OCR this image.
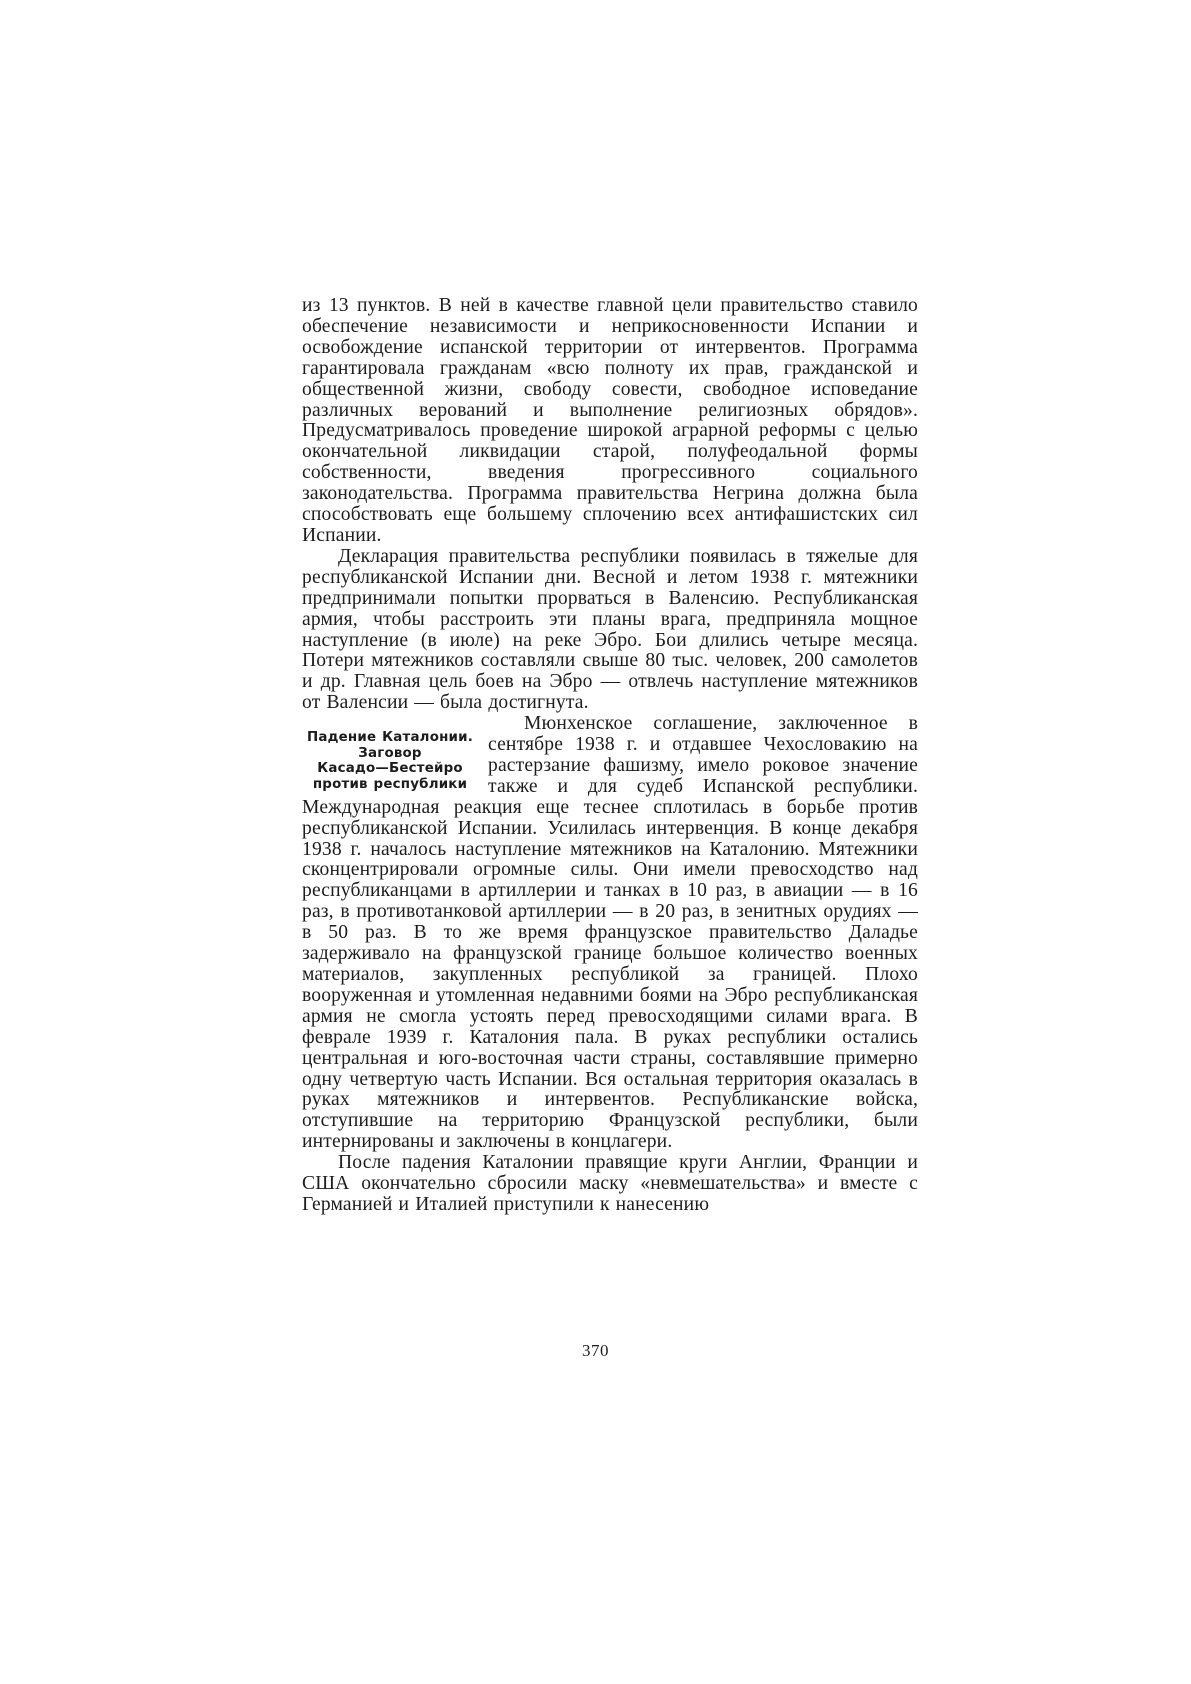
из 13 пунктов. В ней в качестве главной цели правительство ставило обеспечение независимости и неприкосновенности Испании и освобождение испанской территории от интервентов. Программа гарантировала гражданам «всю полноту их прав, гражданской и общественной жизни, свободу совести, свободное исповедание различных верований и выполнение религиозных обрядов». Предусматривалось проведение широкой аграрной реформы с целью окончательной ликвидации старой, полуфеодальной формы собственности, введения прогрессивного социального законодательства. Программа правительства Негрина должна была способствовать еще большему сплочению всех антифашистских сил Испании.

Декларация правительства республики появилась в тяжелые для республиканской Испании дни. Весной и летом 1938 г. мятежники предпринимали попытки прорваться в Валенсию. Республиканская армия, чтобы расстроить эти планы врага, предприняла мощное наступление (в июле) на реке Эбро. Бои длились четыре месяца. Потери мятежников составляли свыше 80 тыс. человек, 200 самолетов и др. Главная цель боев на Эбро — отвлечь наступление мятежников от Валенсии — была достигнута.

Падение Каталонии.
Заговор
Касадо—Бестейро
против республики

Мюнхенское соглашение, заключенное в сентябре 1938 г. и отдавшее Чехословакию на растерзание фашизму, имело роковое значение также и для судеб Испанской республики. Международная реакция еще теснее сплотилась в борьбе против республиканской Испании. Усилилась интервенция. В конце декабря 1938 г. началось наступление мятежников на Каталонию. Мятежники сконцентрировали огромные силы. Они имели превосходство над республиканцами в артиллерии и танках в 10 раз, в авиации — в 16 раз, в противотанковой артиллерии — в 20 раз, в зенитных орудиях — в 50 раз. В то же время французское правительство Даладье задерживало на французской границе большое количество военных материалов, закупленных республикой за границей. Плохо вооруженная и утомленная недавними боями на Эбро республиканская армия не смогла устоять перед превосходящими силами врага. В феврале 1939 г. Каталония пала. В руках республики остались центральная и юго-восточная части страны, составлявшие примерно одну четвертую часть Испании. Вся остальная территория оказалась в руках мятежников и интервентов. Республиканские войска, отступившие на территорию Французской республики, были интернированы и заключены в концлагери.

После падения Каталонии правящие круги Англии, Франции и США окончательно сбросили маску «невмешательства» и вместе с Германией и Италией приступили к нанесению

370
